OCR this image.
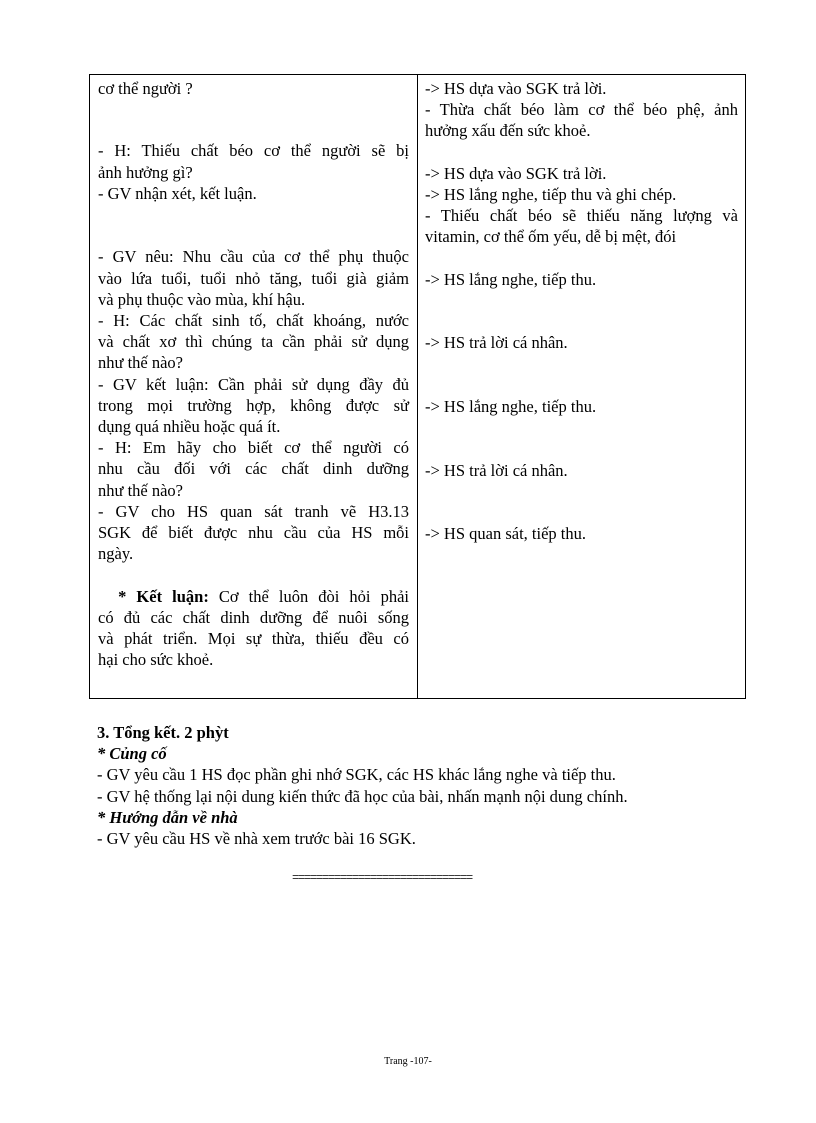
cơ thể người ?
- H: Thiếu chất béo cơ thể người sẽ bị
ảnh hưởng gì?
- GV nhận xét, kết luận.
- GV nêu: Nhu cầu của cơ thể phụ thuộc
vào lứa tuổi, tuổi nhỏ tăng, tuổi già giảm
và phụ thuộc vào mùa, khí hậu.
- H: Các chất sinh tố, chất khoáng, nước
và chất xơ thì chúng ta cần phải sử dụng
như thế nào?
- GV kết luận: Cần phải sử dụng đầy đủ
trong mọi trường hợp, không được sử
dụng quá nhiều hoặc quá ít.
- H: Em hãy cho biết cơ thể người có
nhu cầu đối với các chất dinh dưỡng
như thế nào?
- GV cho HS quan sát tranh vẽ H3.13
SGK để biết được nhu cầu của HS mỗi
ngày.
* Kết luận: Cơ thể luôn đòi hỏi phải
có đủ các chất dinh dưỡng để nuôi sống
và phát triển. Mọi sự thừa, thiếu đều có
hại cho sức khoẻ.
-> HS dựa vào SGK trả lời.
- Thừa chất béo làm cơ thể béo phệ, ảnh
hưởng xấu đến sức khoẻ.
-> HS dựa vào SGK trả lời.
-> HS lắng nghe, tiếp thu và ghi chép.
- Thiếu chất béo sẽ thiếu năng lượng và
vitamin, cơ thể ốm yếu, dễ bị mệt, đói
-> HS lắng nghe, tiếp thu.
-> HS trả lời cá nhân.
-> HS lắng nghe, tiếp thu.
-> HS trả lời cá nhân.
-> HS quan sát, tiếp thu.
3. Tổng kết. 2 phỳt
* Củng cố
- GV yêu cầu 1 HS đọc phần ghi nhớ SGK, các HS khác lắng nghe và tiếp thu.
- GV hệ thống lại nội dung kiến thức đã học của bài, nhấn mạnh nội dung chính.
* Hướng dẫn về nhà
- GV yêu cầu HS về nhà xem trước bài 16 SGK.
==============================
Trang -107-
